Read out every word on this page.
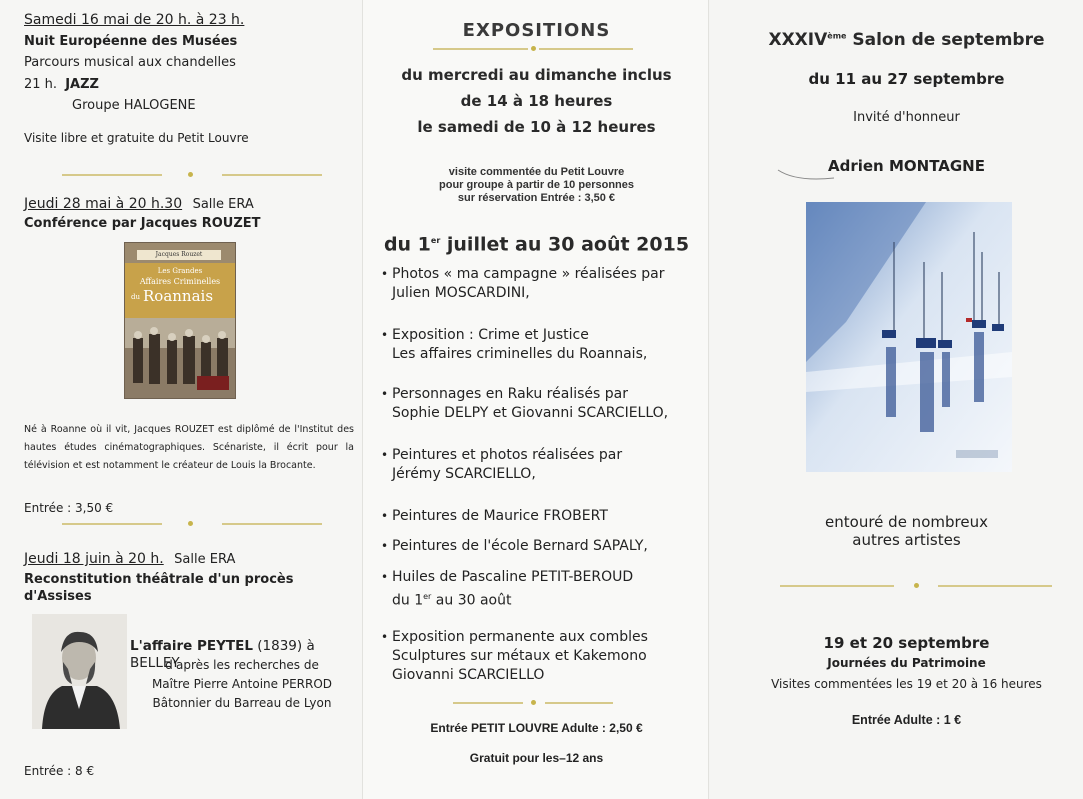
Samedi 16 mai de 20 h. à 23 h.
Nuit Européenne des Musées
Parcours musical aux chandelles
21 h. JAZZ
Groupe HALOGENE
Visite libre et gratuite du Petit Louvre
Jeudi 28 mai à 20 h.30 Salle ERA
Conférence par Jacques ROUZET
Jacques Rouzet
Les Grandes
Affaires Criminelles
du Roannais
Né à Roanne où il vit, Jacques ROUZET est diplômé de l'Institut des hautes études cinématographiques. Scénariste, il écrit pour la télévision et est notamment le créateur de Louis la Brocante.
Entrée : 3,50 €
Jeudi 18 juin à 20 h. Salle ERA
Reconstitution théâtrale d'un procès d'Assises
L'affaire PEYTEL (1839) à BELLEY
d'après les recherches de
Maître Pierre Antoine PERROD
Bâtonnier du Barreau de Lyon
Entrée : 8 €
EXPOSITIONS
du mercredi au dimanche inclus
de 14 à 18 heures
le samedi de 10 à 12 heures
visite commentée du Petit Louvre
pour groupe à partir de 10 personnes
sur réservation Entrée : 3,50 €
du 1er juillet au 30 août 2015
• Photos « ma campagne » réalisées par
Julien MOSCARDINI,
• Exposition : Crime et Justice
Les affaires criminelles du Roannais,
• Personnages en Raku réalisés par
Sophie DELPY et Giovanni SCARCIELLO,
• Peintures et photos réalisées par
Jérémy SCARCIELLO,
• Peintures de Maurice FROBERT
• Peintures de l'école Bernard SAPALY,
• Huiles de Pascaline PETIT-BEROUD
du 1er au 30 août
• Exposition permanente aux combles
Sculptures sur métaux et Kakemono
Giovanni SCARCIELLO
Entrée PETIT LOUVRE Adulte : 2,50 €
Gratuit pour les–12 ans
XXXIVème Salon de septembre
du 11 au 27 septembre
Invité d'honneur
Adrien MONTAGNE
entouré de nombreux
autres artistes
19 et 20 septembre
Journées du Patrimoine
Visites commentées les 19 et 20 à 16 heures
Entrée Adulte : 1 €
